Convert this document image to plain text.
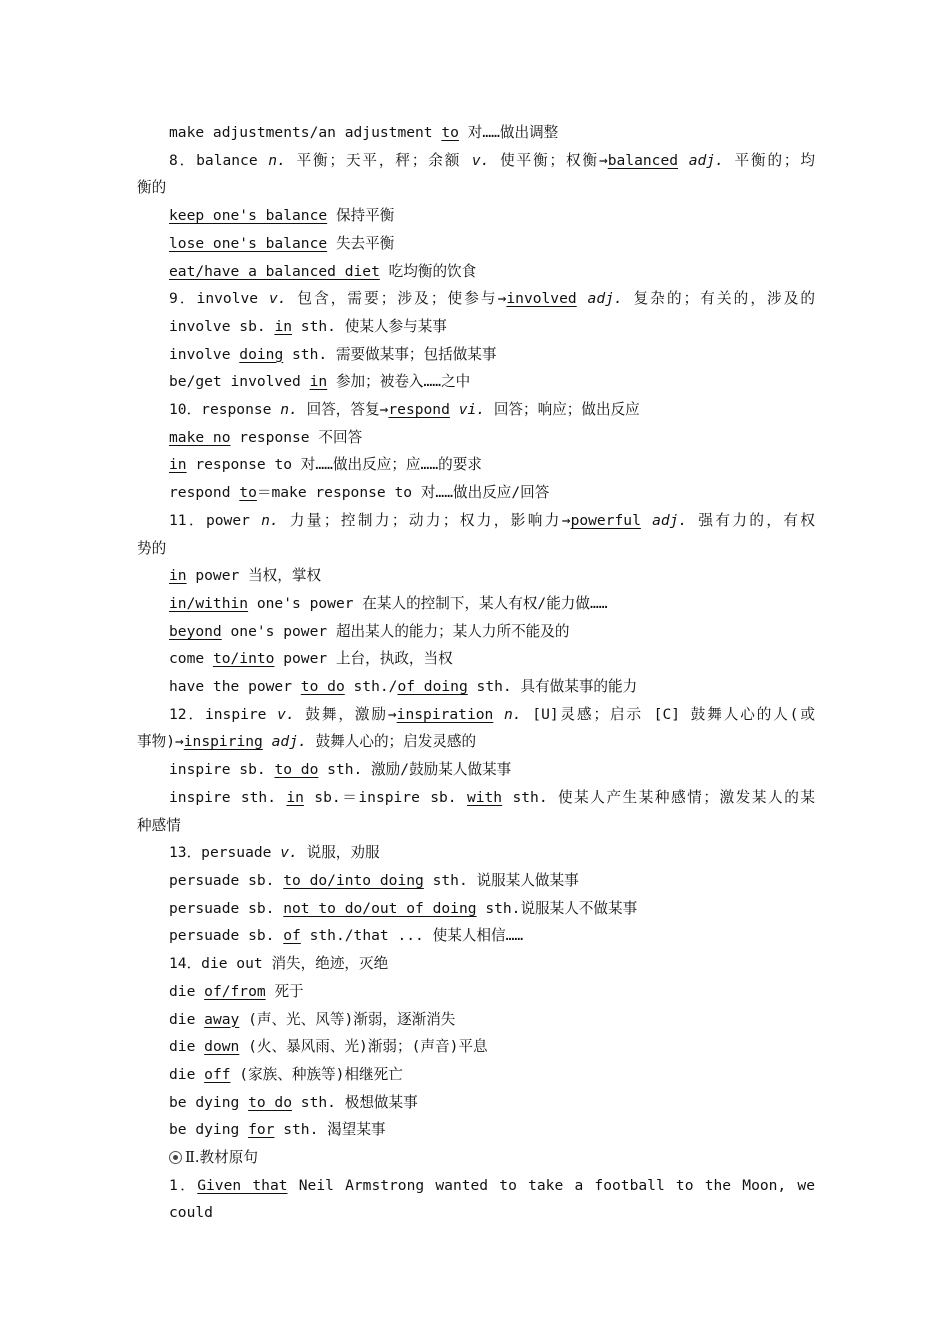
make adjustments/an adjustment to 对……做出调整
8．balance n. 平衡；天平，秤；余额 v. 使平衡；权衡→balanced adj. 平衡的；均
衡的
keep one's balance 保持平衡
lose one's balance 失去平衡
eat/have a balanced diet 吃均衡的饮食
9．involve v. 包含，需要；涉及；使参与→involved adj. 复杂的；有关的，涉及的
involve sb. in sth. 使某人参与某事
involve doing sth. 需要做某事；包括做某事
be/get involved in 参加；被卷入……之中
10．response n. 回答，答复→respond vi. 回答；响应；做出反应
make no response 不回答
in response to 对……做出反应；应……的要求
respond to＝make response to 对……做出反应/回答
11．power n. 力量；控制力；动力；权力，影响力→powerful adj. 强有力的，有权
势的
in power 当权，掌权
in/within one's power 在某人的控制下，某人有权/能力做……
beyond one's power 超出某人的能力；某人力所不能及的
come to/into power 上台，执政，当权
have the power to do sth./of doing sth. 具有做某事的能力
12．inspire v. 鼓舞，激励→inspiration n. [U]灵感；启示 [C] 鼓舞人心的人(或
事物)→inspiring adj. 鼓舞人心的；启发灵感的
inspire sb. to do sth. 激励/鼓励某人做某事
inspire sth. in sb.＝inspire sb. with sth. 使某人产生某种感情；激发某人的某
种感情
13．persuade v. 说服，劝服
persuade sb. to do/into doing sth. 说服某人做某事
persuade sb. not to do/out of doing sth.说服某人不做某事
persuade sb. of sth./that ... 使某人相信……
14．die out 消失，绝迹，灭绝
die of/from 死于
die away (声、光、风等)渐弱，逐渐消失
die down (火、暴风雨、光)渐弱；(声音)平息
die off (家族、种族等)相继死亡
be dying to do sth. 极想做某事
be dying for sth. 渴望某事
Ⅱ.教材原句
1．Given that Neil Armstrong wanted to take a football to the Moon, we could
